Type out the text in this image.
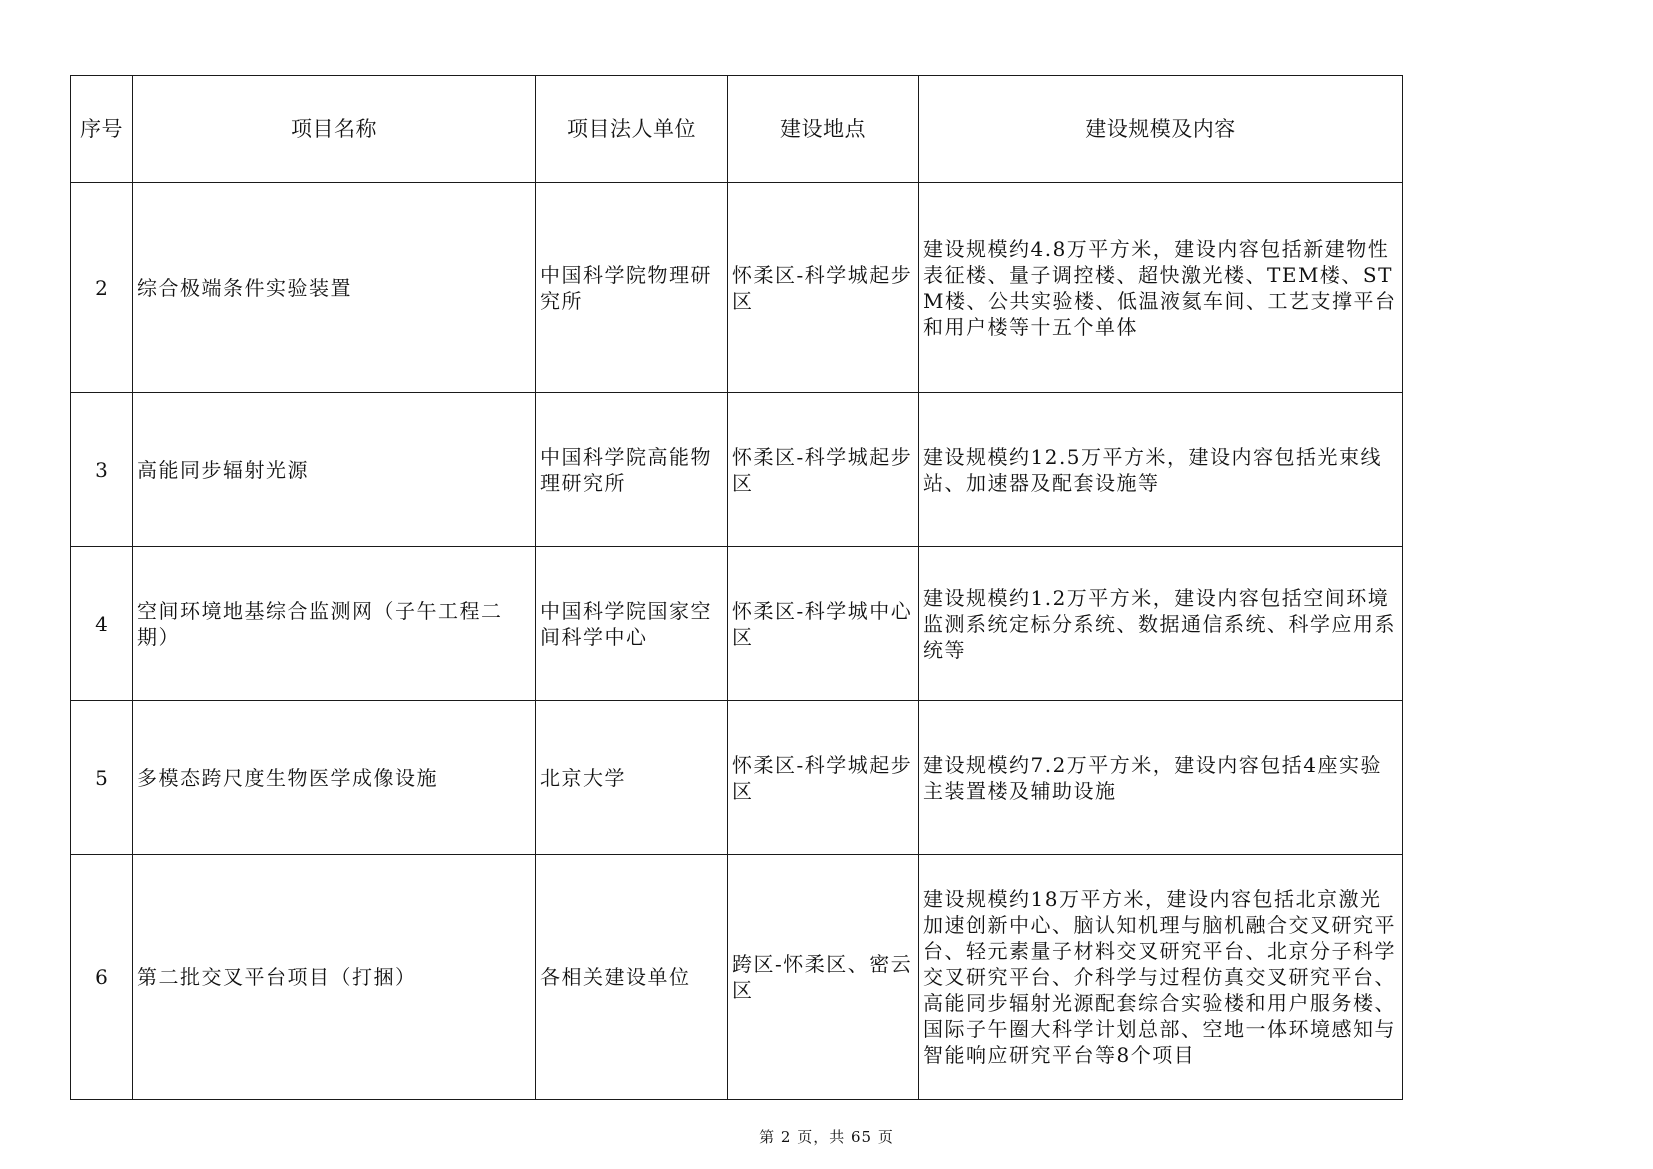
序号	项目名称	项目法人单位	建设地点	建设规模及内容
2	综合极端条件实验装置	中国科学院物理研究所	怀柔区-科学城起步区	建设规模约4.8万平方米，建设内容包括新建物性表征楼、量子调控楼、超快激光楼、TEM楼、STM楼、公共实验楼、低温液氦车间、工艺支撑平台和用户楼等十五个单体
3	高能同步辐射光源	中国科学院高能物理研究所	怀柔区-科学城起步区	建设规模约12.5万平方米，建设内容包括光束线站、加速器及配套设施等
4	空间环境地基综合监测网（子午工程二期）	中国科学院国家空间科学中心	怀柔区-科学城中心区	建设规模约1.2万平方米，建设内容包括空间环境监测系统定标分系统、数据通信系统、科学应用系统等
5	多模态跨尺度生物医学成像设施	北京大学	怀柔区-科学城起步区	建设规模约7.2万平方米，建设内容包括4座实验主装置楼及辅助设施
6	第二批交叉平台项目（打捆）	各相关建设单位	跨区-怀柔区、密云区	建设规模约18万平方米，建设内容包括北京激光加速创新中心、脑认知机理与脑机融合交叉研究平台、轻元素量子材料交叉研究平台、北京分子科学交叉研究平台、介科学与过程仿真交叉研究平台、高能同步辐射光源配套综合实验楼和用户服务楼、国际子午圈大科学计划总部、空地一体环境感知与智能响应研究平台等8个项目
第 2 页，共 65 页
